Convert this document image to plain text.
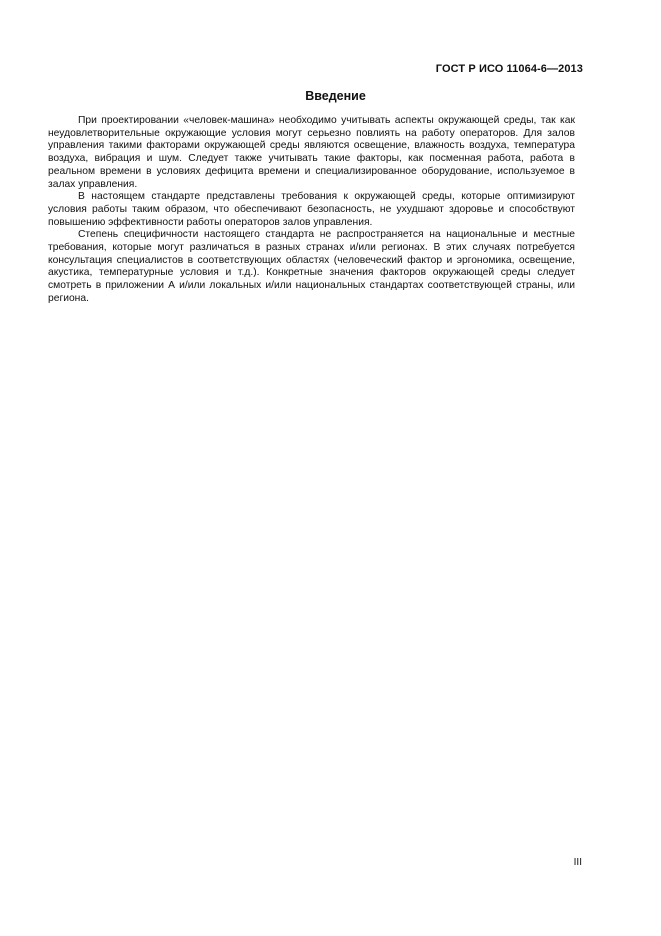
ГОСТ Р ИСО 11064-6—2013
Введение

При проектировании «человек-машина» необходимо учитывать аспекты окружающей среды, так как неудовлетворительные окружающие условия могут серьезно повлиять на работу операторов. Для залов управления такими факторами окружающей среды являются освещение, влажность воздуха, температура воздуха, вибрация и шум. Следует также учитывать такие факторы, как посменная работа, работа в реальном времени в условиях дефицита времени и специализированное оборудование, используемое в залах управления.

В настоящем стандарте представлены требования к окружающей среды, которые оптимизируют условия работы таким образом, что обеспечивают безопасность, не ухудшают здоровье и способствуют повышению эффективности работы операторов залов управления.

Степень специфичности настоящего стандарта не распространяется на национальные и местные требования, которые могут различаться в разных странах и/или регионах. В этих случаях потребуется консультация специалистов в соответствующих областях (человеческий фактор и эргономика, освещение, акустика, температурные условия и т.д.). Конкретные значения факторов окружающей среды следует смотреть в приложении А и/или локальных и/или национальных стандартах соответствующей страны, или региона.

III
